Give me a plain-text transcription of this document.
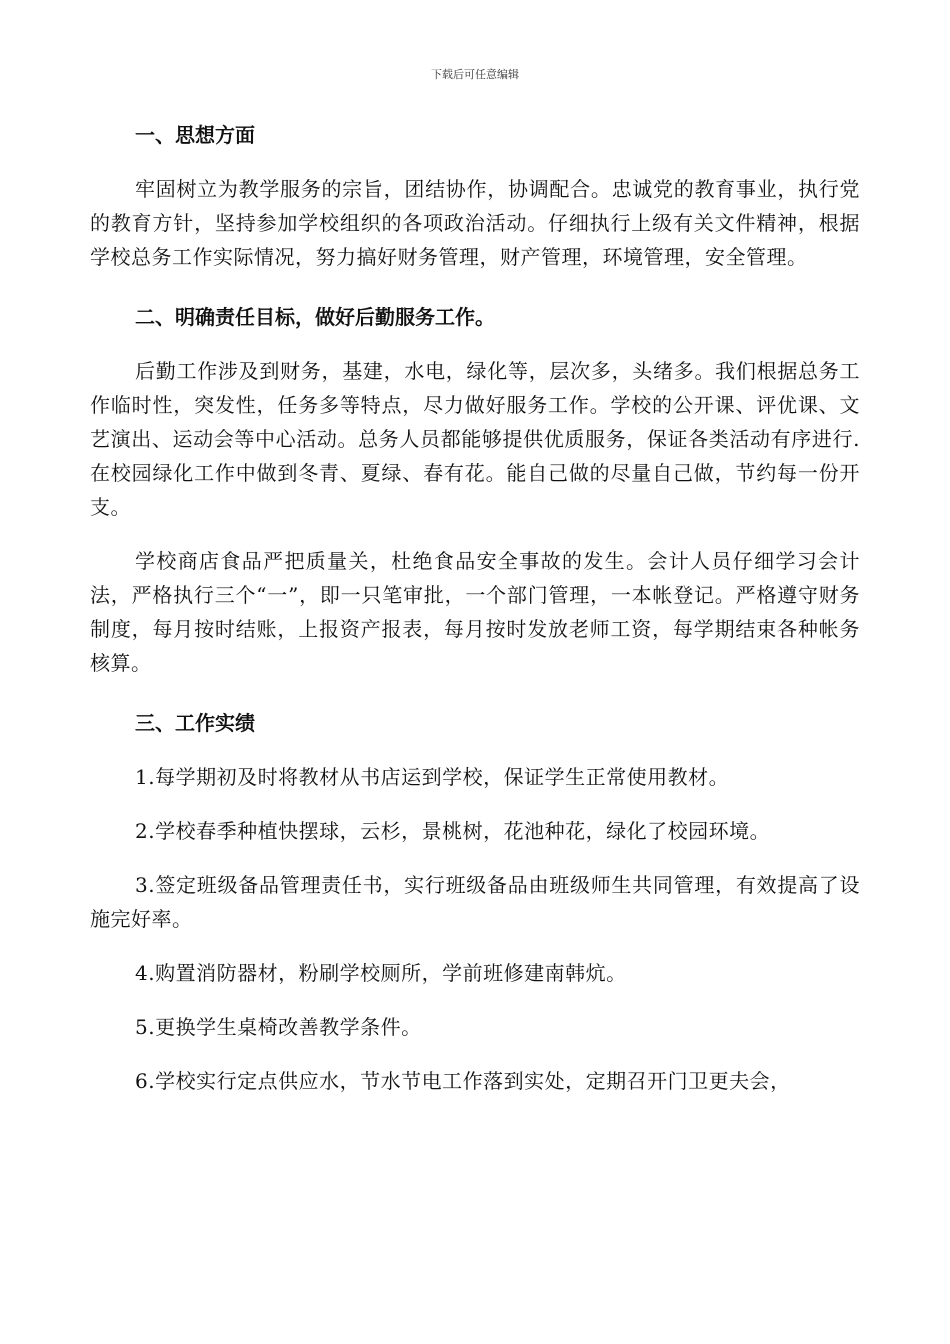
下载后可任意编辑

一、思想方面

牢固树立为教学服务的宗旨，团结协作，协调配合。忠诚党的教育事业，执行党的教育方针，坚持参加学校组织的各项政治活动。仔细执行上级有关文件精神，根据学校总务工作实际情况，努力搞好财务管理，财产管理，环境管理，安全管理。

二、明确责任目标，做好后勤服务工作。

后勤工作涉及到财务，基建，水电，绿化等，层次多，头绪多。我们根据总务工作临时性，突发性，任务多等特点，尽力做好服务工作。学校的公开课、评优课、文艺演出、运动会等中心活动。总务人员都能够提供优质服务，保证各类活动有序进行.在校园绿化工作中做到冬青、夏绿、春有花。能自己做的尽量自己做，节约每一份开支。

学校商店食品严把质量关，杜绝食品安全事故的发生。会计人员仔细学习会计法，严格执行三个“一”，即一只笔审批，一个部门管理，一本帐登记。严格遵守财务制度，每月按时结账，上报资产报表，每月按时发放老师工资，每学期结束各种帐务核算。

三、工作实绩

1.每学期初及时将教材从书店运到学校，保证学生正常使用教材。

2.学校春季种植快摆球，云杉，景桃树，花池种花，绿化了校园环境。

3.签定班级备品管理责任书，实行班级备品由班级师生共同管理，有效提高了设施完好率。

4.购置消防器材，粉刷学校厕所，学前班修建南韩炕。

5.更换学生桌椅改善教学条件。

6.学校实行定点供应水，节水节电工作落到实处，定期召开门卫更夫会，
